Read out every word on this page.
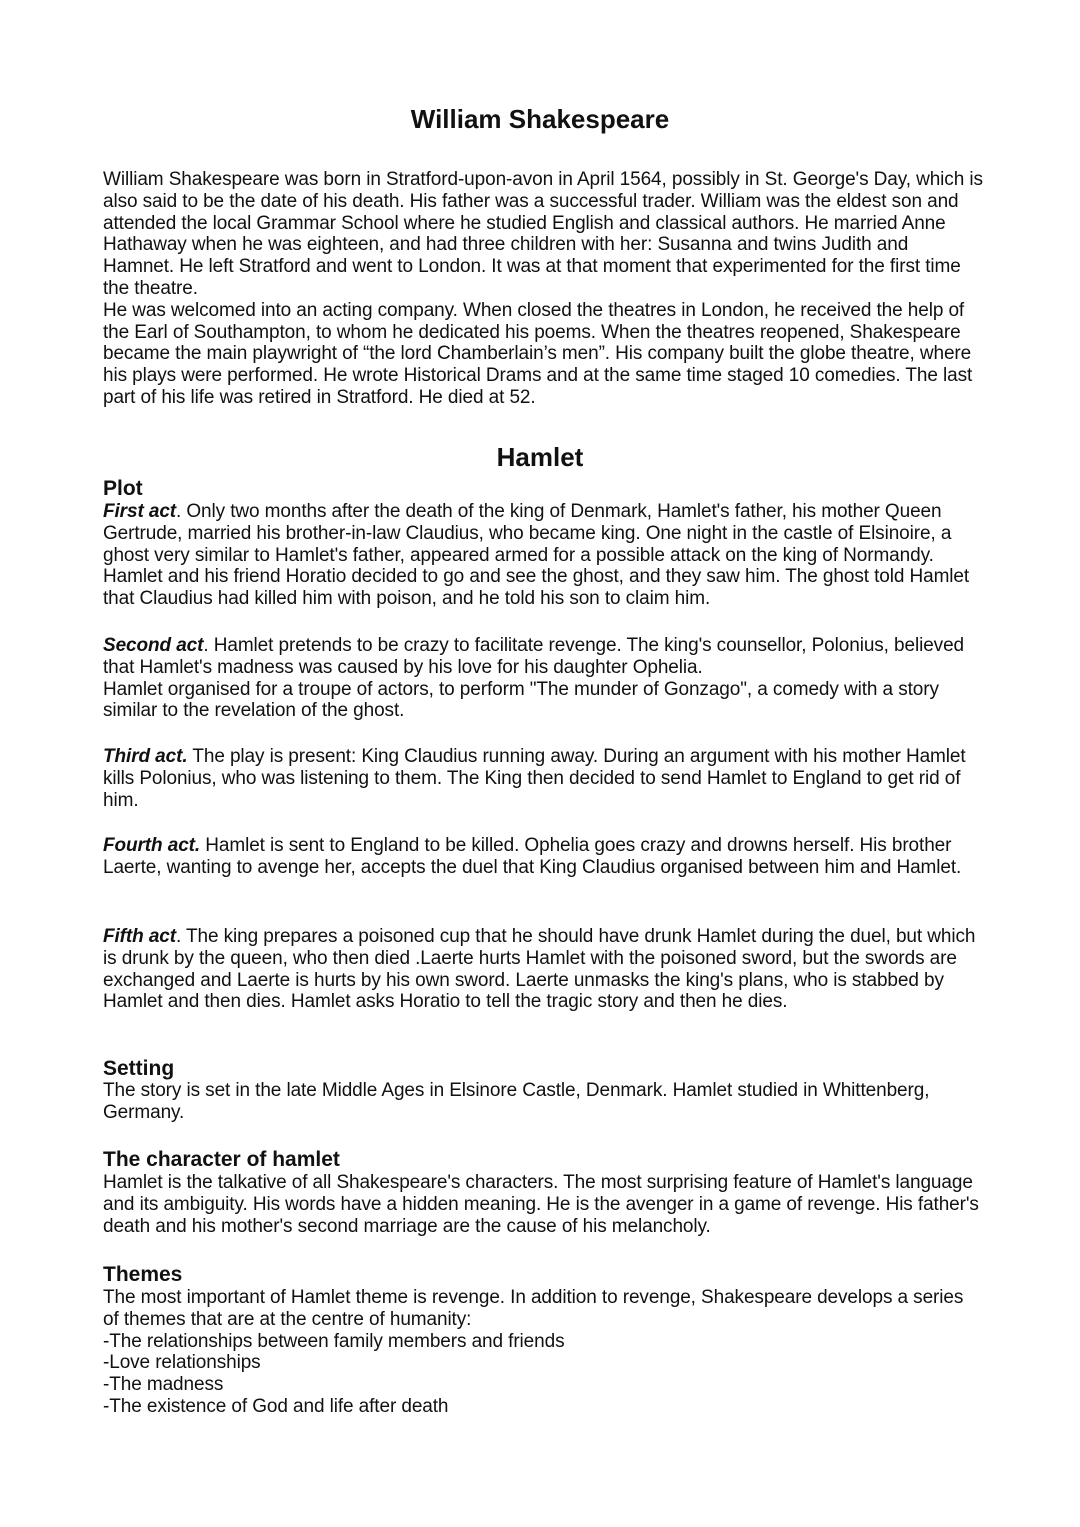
William Shakespeare

William Shakespeare was born in Stratford-upon-avon in April 1564, possibly in St. George's Day, which is also said to be the date of his death. His father was a successful trader. William was the eldest son and attended the local Grammar School where he studied English and classical authors. He married Anne Hathaway when he was eighteen, and had three children with her: Susanna and twins Judith and Hamnet. He left Stratford and went to London. It was at that moment that experimented for the first time the theatre.

He was welcomed into an acting company. When closed the theatres in London, he received the help of the Earl of Southampton, to whom he dedicated his poems. When the theatres reopened, Shakespeare became the main playwright of “the lord Chamberlain’s men”. His company built the globe theatre, where his plays were performed. He wrote Historical Drams and at the same time staged 10 comedies. The last part of his life was retired in Stratford. He died at 52.

Hamlet
Plot

First act. Only two months after the death of the king of Denmark, Hamlet's father, his mother Queen Gertrude, married his brother-in-law Claudius, who became king. One night in the castle of Elsinoire, a ghost very similar to Hamlet's father, appeared armed for a possible attack on the king of Normandy. Hamlet and his friend Horatio decided to go and see the ghost, and they saw him. The ghost told Hamlet that Claudius had killed him with poison, and he told his son to claim him.

Second act. Hamlet pretends to be crazy to facilitate revenge. The king's counsellor, Polonius, believed that Hamlet's madness was caused by his love for his daughter Ophelia.

Hamlet organised for a troupe of actors, to perform "The munder of Gonzago", a comedy with a story similar to the revelation of the ghost.

Third act. The play is present: King Claudius running away. During an argument with his mother Hamlet kills Polonius, who was listening to them. The King then decided to send Hamlet to England to get rid of him.

Fourth act. Hamlet is sent to England to be killed. Ophelia goes crazy and drowns herself. His brother Laerte, wanting to avenge her, accepts the duel that King Claudius organised between him and Hamlet.

Fifth act. The king prepares a poisoned cup that he should have drunk Hamlet during the duel, but which is drunk by the queen, who then died .Laerte hurts Hamlet with the poisoned sword, but the swords are exchanged and Laerte is hurts by his own sword. Laerte unmasks the king's plans, who is stabbed by Hamlet and then dies. Hamlet asks Horatio to tell the tragic story and then he dies.

Setting
The story is set in the late Middle Ages in Elsinore Castle, Denmark. Hamlet studied in Whittenberg, Germany.
The character of hamlet
Hamlet is the talkative of all Shakespeare's characters. The most surprising feature of Hamlet's language and its ambiguity. His words have a hidden meaning. He is the avenger in a game of revenge. His father's death and his mother's second marriage are the cause of his melancholy.
Themes

The most important of Hamlet theme is revenge. In addition to revenge, Shakespeare develops a series of themes that are at the centre of humanity:

-The relationships between family members and friends
-Love relationships
-The madness
-The existence of God and life after death
